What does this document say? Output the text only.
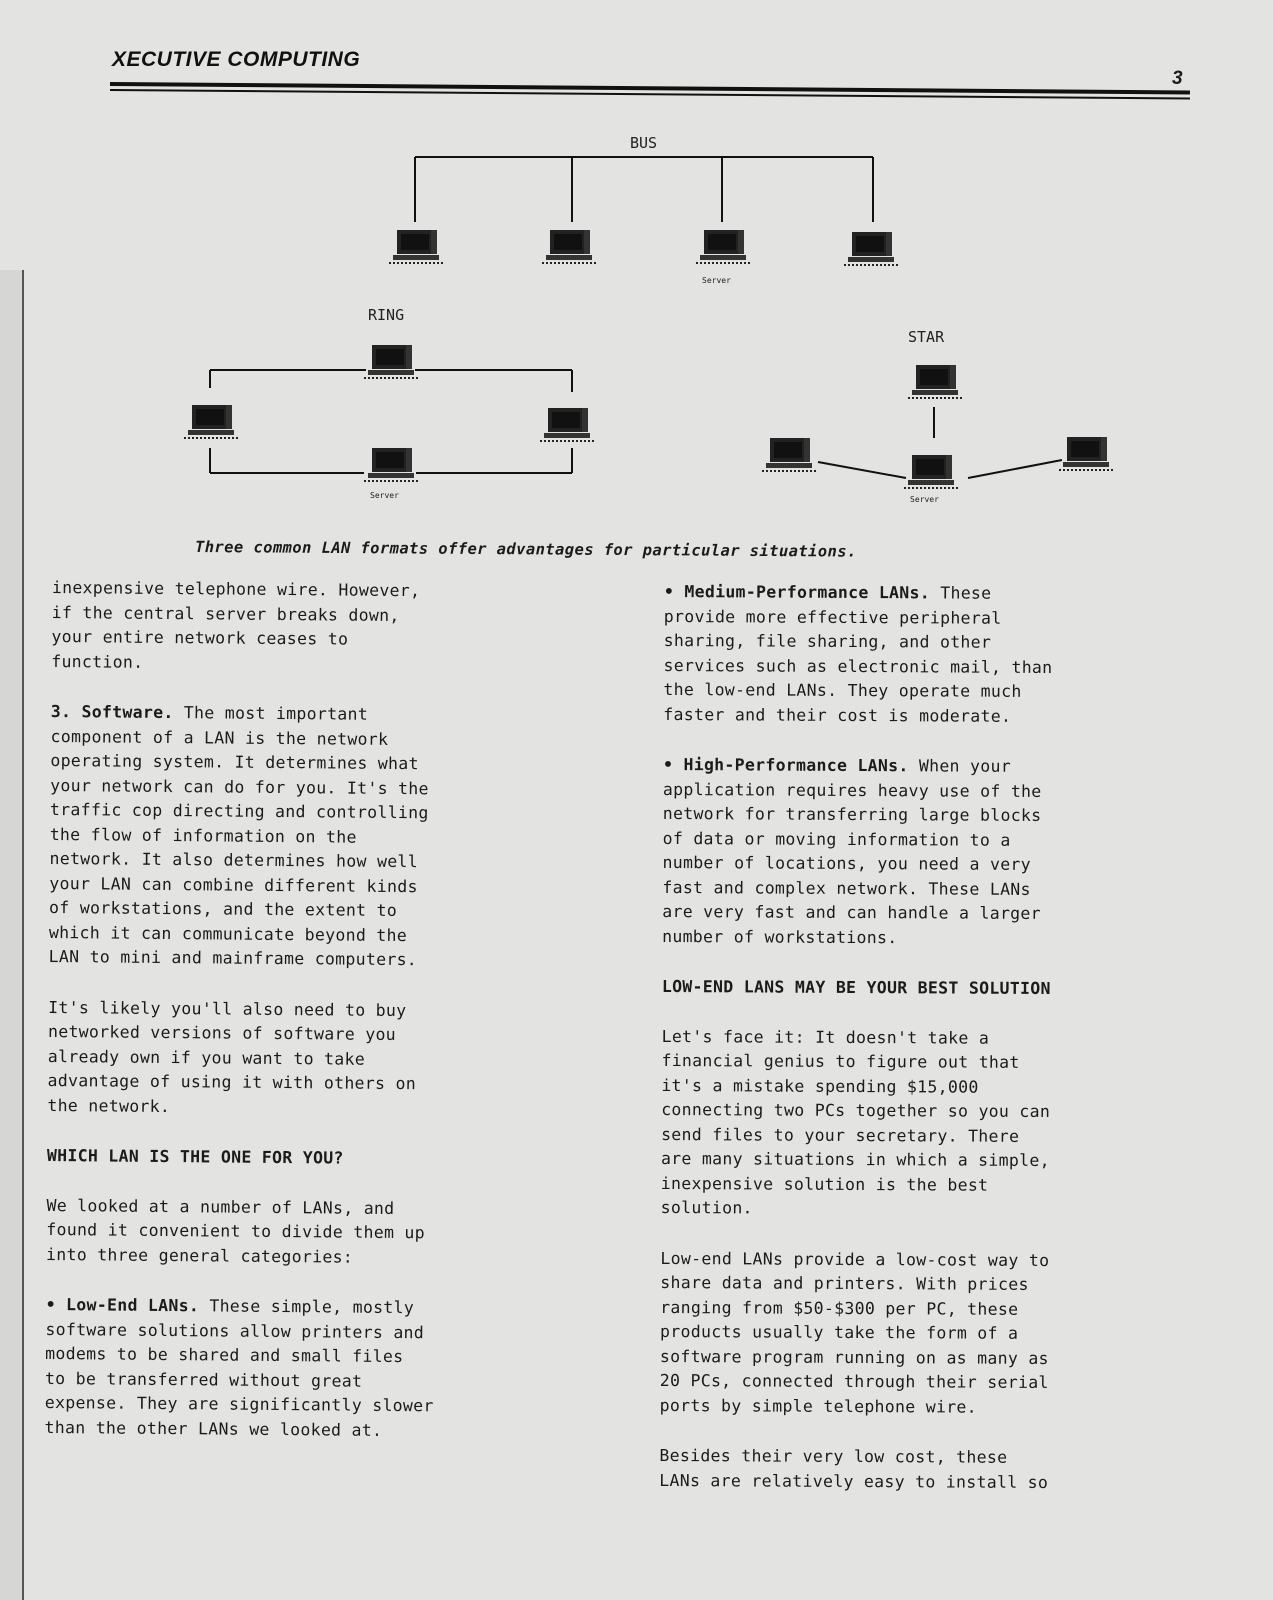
XECUTIVE COMPUTING
3
BUS
Server
RING
Server
STAR
Server
Three common LAN formats offer advantages for particular situations.

inexpensive telephone wire. However,
if the central server breaks down,
your entire network ceases to
function.

3. Software. The most important
component of a LAN is the network
operating system. It determines what
your network can do for you. It's the
traffic cop directing and controlling
the flow of information on the
network. It also determines how well
your LAN can combine different kinds
of workstations, and the extent to
which it can communicate beyond the
LAN to mini and mainframe computers.

It's likely you'll also need to buy
networked versions of software you
already own if you want to take
advantage of using it with others on
the network.

WHICH LAN IS THE ONE FOR YOU?

We looked at a number of LANs, and
found it convenient to divide them up
into three general categories:

• Low-End LANs. These simple, mostly
software solutions allow printers and
modems to be shared and small files
to be transferred without great
expense. They are significantly slower
than the other LANs we looked at.

• Medium-Performance LANs. These
provide more effective peripheral
sharing, file sharing, and other
services such as electronic mail, than
the low-end LANs. They operate much
faster and their cost is moderate.

• High-Performance LANs. When your
application requires heavy use of the
network for transferring large blocks
of data or moving information to a
number of locations, you need a very
fast and complex network. These LANs
are very fast and can handle a larger
number of workstations.

LOW-END LANS MAY BE YOUR BEST SOLUTION

Let's face it: It doesn't take a
financial genius to figure out that
it's a mistake spending $15,000
connecting two PCs together so you can
send files to your secretary. There
are many situations in which a simple,
inexpensive solution is the best
solution.

Low-end LANs provide a low-cost way to
share data and printers. With prices
ranging from $50-$300 per PC, these
products usually take the form of a
software program running on as many as
20 PCs, connected through their serial
ports by simple telephone wire.

Besides their very low cost, these
LANs are relatively easy to install so
